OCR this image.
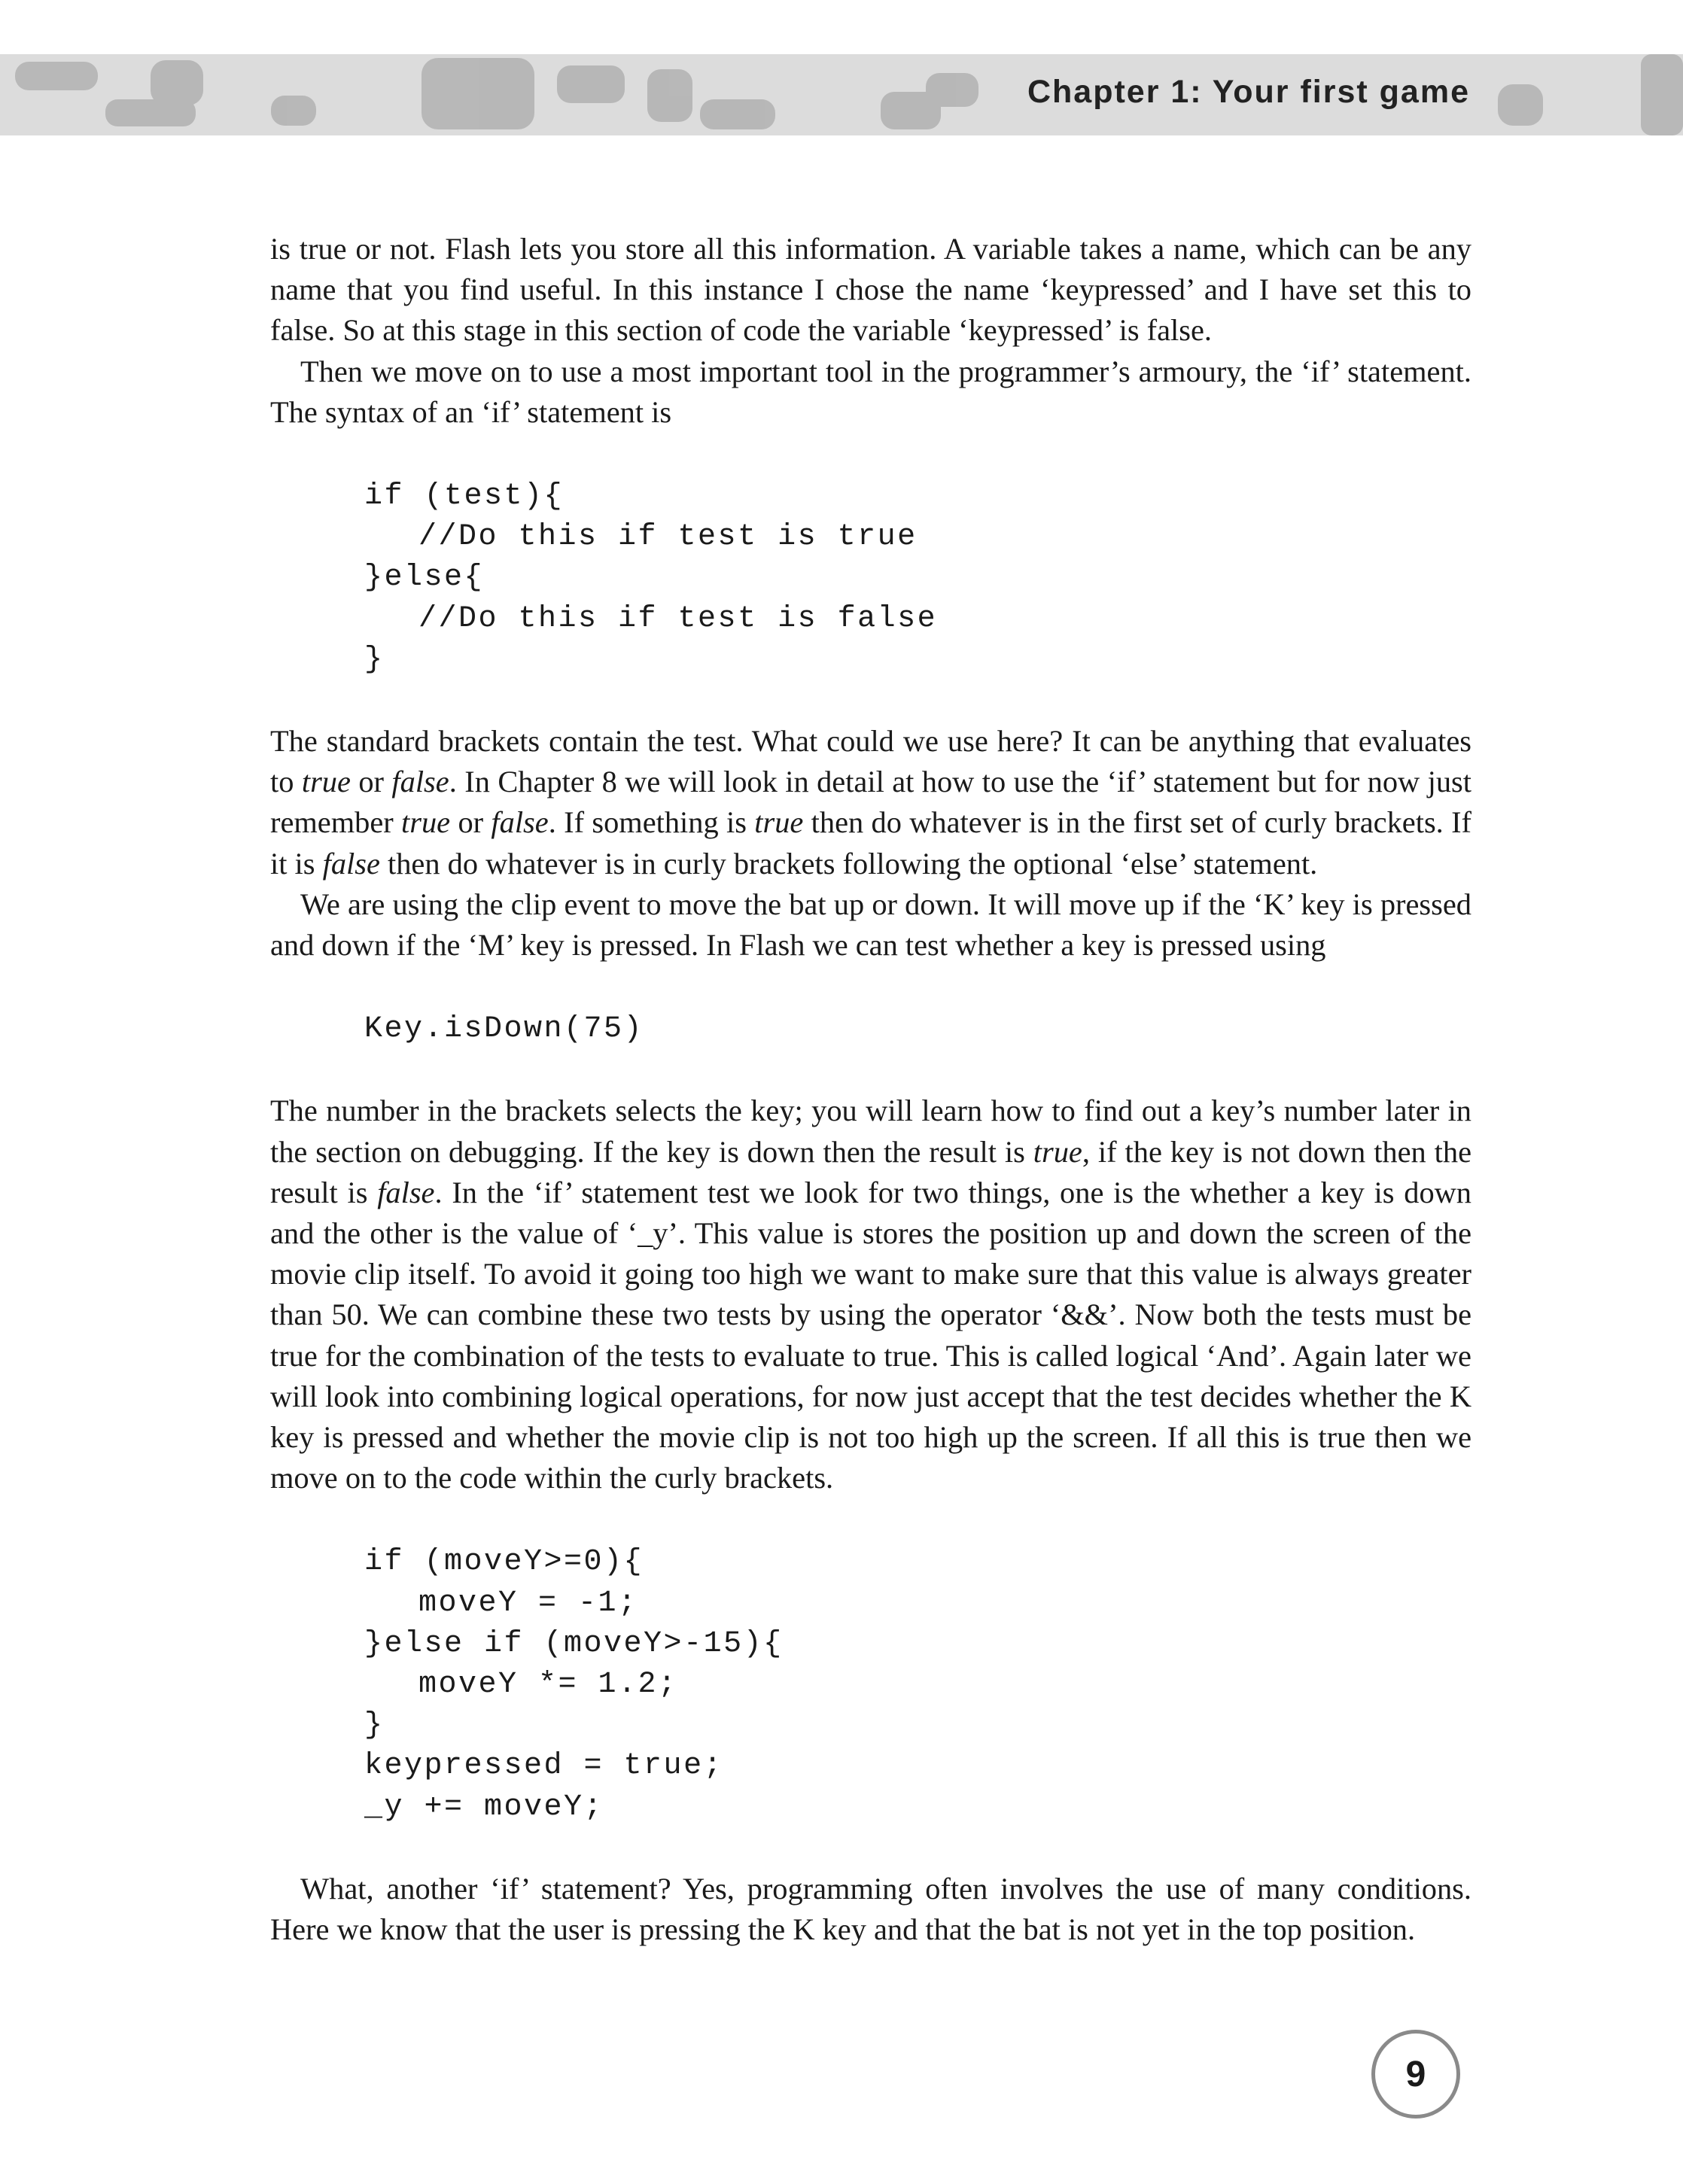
Chapter 1: Your first game

is true or not. Flash lets you store all this information. A variable takes a name, which can be any name that you find useful. In this instance I chose the name ‘keypressed’ and I have set this to false. So at this stage in this section of code the variable ‘keypressed’ is false.

Then we move on to use a most important tool in the programmer’s armoury, the ‘if’ statement. The syntax of an ‘if’ statement is

if (test){
//Do this if test is true
}else{
//Do this if test is false
}

The standard brackets contain the test. What could we use here? It can be anything that evaluates to true or false. In Chapter 8 we will look in detail at how to use the ‘if’ statement but for now just remember true or false. If something is true then do whatever is in the first set of curly brackets. If it is false then do whatever is in curly brackets following the optional ‘else’ statement.

We are using the clip event to move the bat up or down. It will move up if the ‘K’ key is pressed and down if the ‘M’ key is pressed. In Flash we can test whether a key is pressed using

Key.isDown(75)

The number in the brackets selects the key; you will learn how to find out a key’s number later in the section on debugging. If the key is down then the result is true, if the key is not down then the result is false. In the ‘if’ statement test we look for two things, one is the whether a key is down and the other is the value of ‘_y’. This value is stores the position up and down the screen of the movie clip itself. To avoid it going too high we want to make sure that this value is always greater than 50. We can combine these two tests by using the operator ‘&&’. Now both the tests must be true for the combination of the tests to evaluate to true. This is called logical ‘And’. Again later we will look into combining logical operations, for now just accept that the test decides whether the K key is pressed and whether the movie clip is not too high up the screen. If all this is true then we move on to the code within the curly brackets.

if (moveY>=0){
moveY = -1;
}else if (moveY>-15){
moveY *= 1.2;
}
keypressed = true;
_y += moveY;

What, another ‘if’ statement? Yes, programming often involves the use of many conditions. Here we know that the user is pressing the K key and that the bat is not yet in the top position.

9
